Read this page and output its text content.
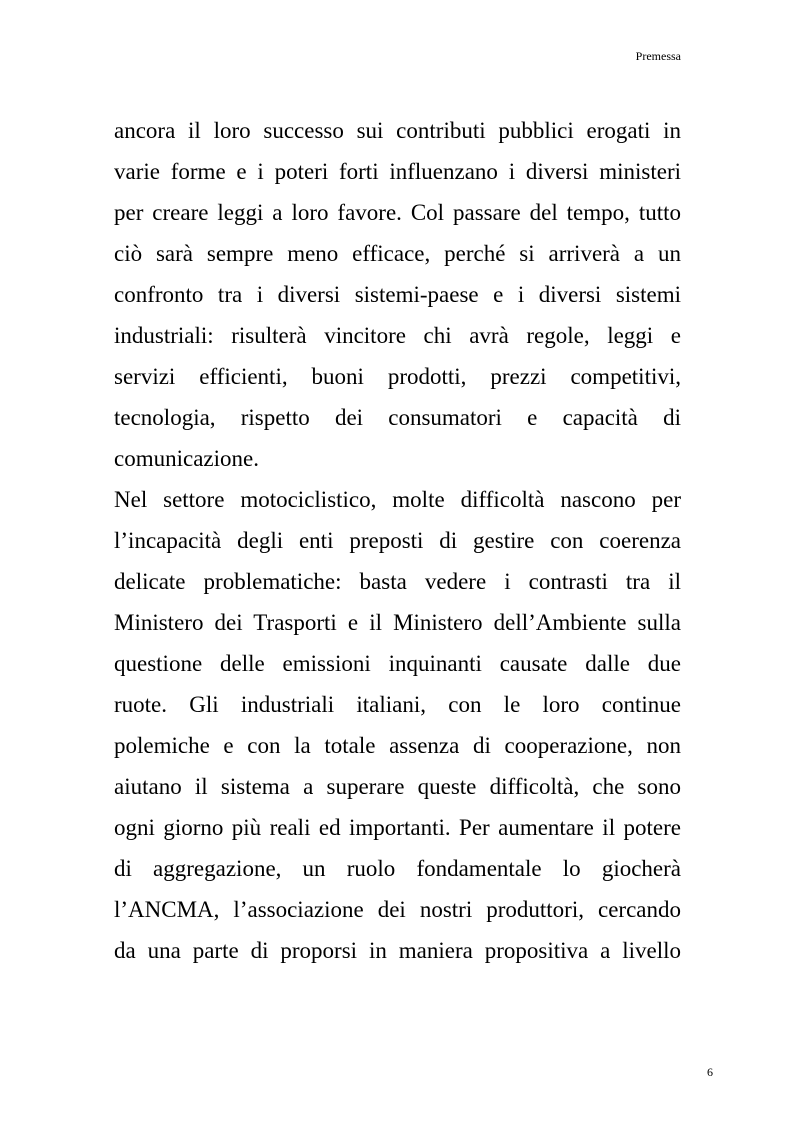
Premessa
ancora il loro successo sui contributi pubblici erogati in
varie forme e i poteri forti influenzano i diversi ministeri
per creare leggi a loro favore. Col passare del tempo, tutto
ciò sarà sempre meno efficace, perché si arriverà a un
confronto tra i diversi sistemi-paese e i diversi sistemi
industriali: risulterà vincitore chi avrà regole, leggi e
servizi efficienti, buoni prodotti, prezzi competitivi,
tecnologia, rispetto dei consumatori e capacità di
comunicazione.
Nel settore motociclistico, molte difficoltà nascono per
l’incapacità degli enti preposti di gestire con coerenza
delicate problematiche: basta vedere i contrasti tra il
Ministero dei Trasporti e il Ministero dell’Ambiente sulla
questione delle emissioni inquinanti causate dalle due
ruote. Gli industriali italiani, con le loro continue
polemiche e con la totale assenza di cooperazione, non
aiutano il sistema a superare queste difficoltà, che sono
ogni giorno più reali ed importanti. Per aumentare il potere
di aggregazione, un ruolo fondamentale lo giocherà
l’ANCMA, l’associazione dei nostri produttori, cercando
da una parte di proporsi in maniera propositiva a livello
6
